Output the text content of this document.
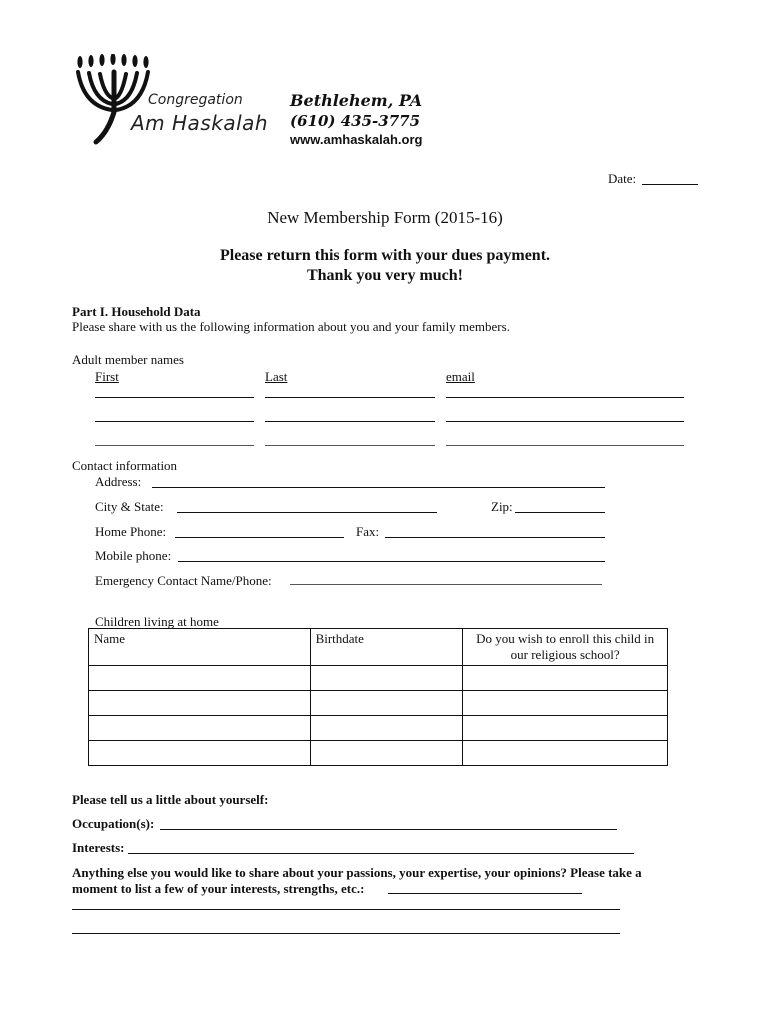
Congregation
Am Haskalah
Bethlehem, PA
(610) 435-3775
www.amhaskalah.org
Date:
New Membership Form (2015-16)
Please return this form with your dues payment.
Thank you very much!
Part I. Household Data
Please share with us the following information about you and your family members.
Adult member names
First	Last	email
Contact information
Address:
City & State:	Zip:
Home Phone:	Fax:
Mobile phone:
Emergency Contact Name/Phone:
Children living at home
Name	Birthdate	Do you wish to enroll this child in our religious school?

Please tell us a little about yourself:
Occupation(s):
Interests:
Anything else you would like to share about your passions, your expertise, your opinions? Please take a
moment to list a few of your interests, strengths, etc.:
